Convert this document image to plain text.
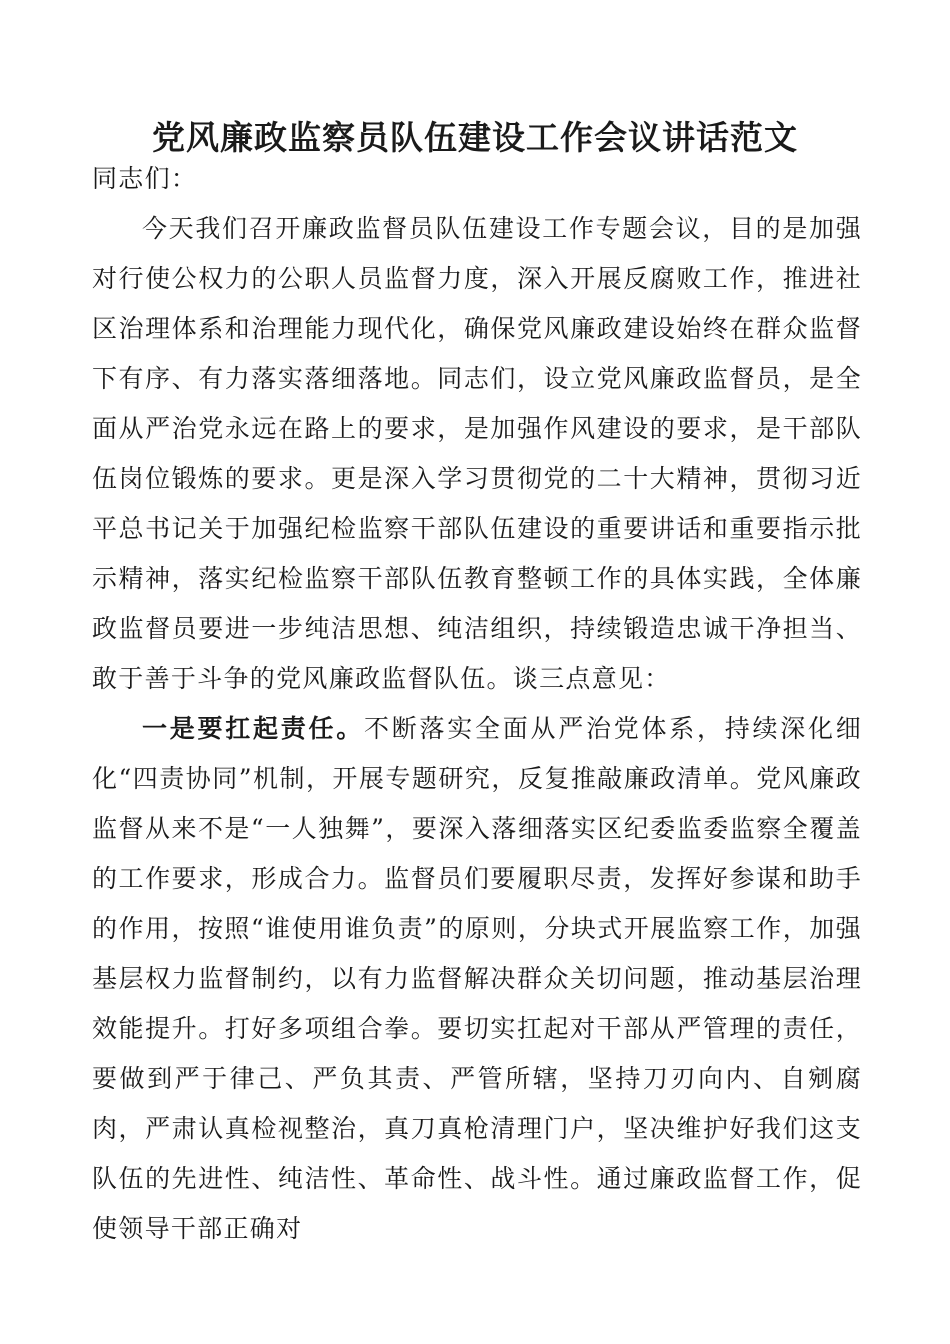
党风廉政监察员队伍建设工作会议讲话范文

同志们：

今天我们召开廉政监督员队伍建设工作专题会议，目的是加强对行使公权力的公职人员监督力度，深入开展反腐败工作，推进社区治理体系和治理能力现代化，确保党风廉政建设始终在群众监督下有序、有力落实落细落地。同志们，设立党风廉政监督员，是全面从严治党永远在路上的要求，是加强作风建设的要求，是干部队伍岗位锻炼的要求。更是深入学习贯彻党的二十大精神，贯彻习近平总书记关于加强纪检监察干部队伍建设的重要讲话和重要指示批示精神，落实纪检监察干部队伍教育整顿工作的具体实践，全体廉政监督员要进一步纯洁思想、纯洁组织，持续锻造忠诚干净担当、敢于善于斗争的党风廉政监督队伍。谈三点意见：

一是要扛起责任。不断落实全面从严治党体系，持续深化细化“四责协同”机制，开展专题研究，反复推敲廉政清单。党风廉政监督从来不是“一人独舞”，要深入落细落实区纪委监委监察全覆盖的工作要求，形成合力。监督员们要履职尽责，发挥好参谋和助手的作用，按照“谁使用谁负责”的原则，分块式开展监察工作，加强基层权力监督制约，以有力监督解决群众关切问题，推动基层治理效能提升。打好多项组合拳。要切实扛起对干部从严管理的责任，要做到严于律己、严负其责、严管所辖，坚持刀刃向内、自剜腐肉，严肃认真检视整治，真刀真枪清理门户，坚决维护好我们这支队伍的先进性、纯洁性、革命性、战斗性。通过廉政监督工作，促使领导干部正确对
